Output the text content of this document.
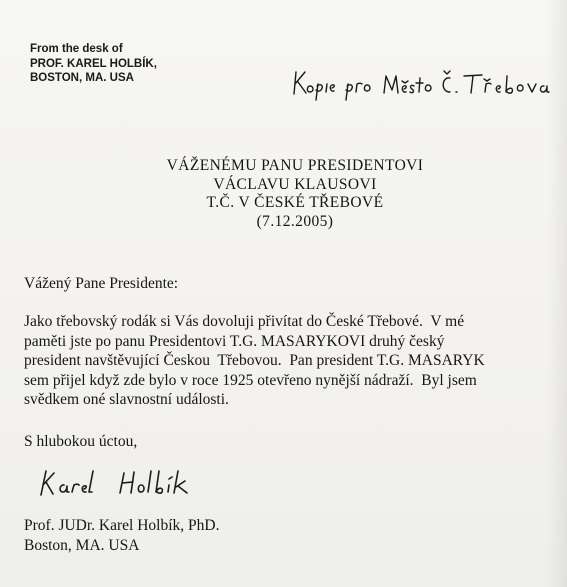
From the desk of
PROF. KAREL HOLBÍK,
BOSTON, MA. USA
VÁŽENÉMU PANU PRESIDENTOVI
VÁCLAVU KLAUSOVI
T.Č. V ČESKÉ TŘEBOVÉ
(7.12.2005)
Vážený Pane Presidente:
Jako třebovský rodák si Vás dovoluji přivítat do České Třebové.  V mé
paměti jste po panu Presidentovi T.G. MASARYKOVI druhý český
president navštěvující Českou  Třebovou.  Pan president T.G. MASARYK
sem přijel když zde bylo v roce 1925 otevřeno nynější nádraží.  Byl jsem
svědkem oné slavnostní události.
S hlubokou úctou,
Prof. JUDr. Karel Holbík, PhD.
Boston, MA. USA
